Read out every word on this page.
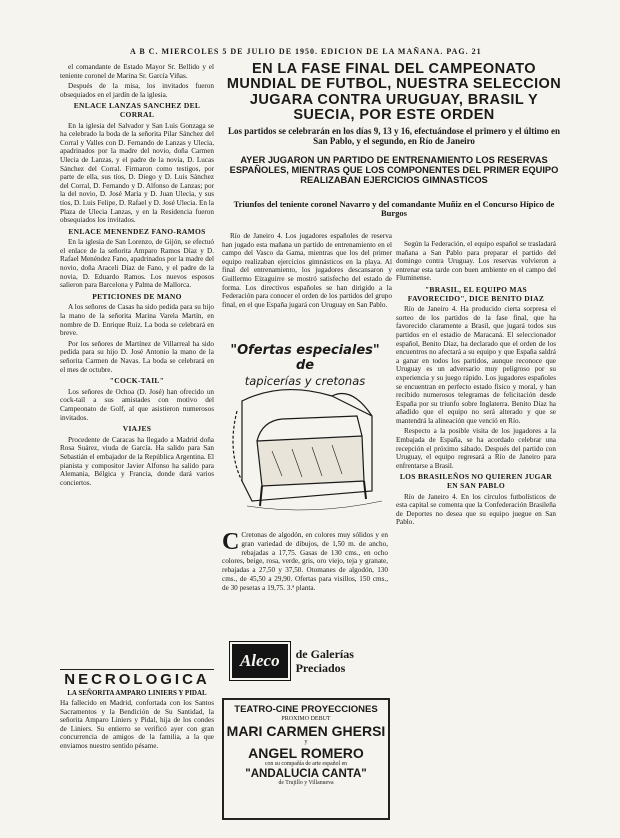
A B C. MIERCOLES 5 DE JULIO DE 1950. EDICION DE LA MAÑANA. PAG. 21

el comandante de Estado Mayor Sr. Bellido y el teniente coronel de Marina Sr. García Viñas.

Después de la misa, los invitados fueron obsequiados en el jardín de la iglesia.

ENLACE LANZAS SANCHEZ DEL CORRAL

En la iglesia del Salvador y San Luis Gonzaga se ha celebrado la boda de la señorita Pilar Sánchez del Corral y Valles con D. Fernando de Lanzas y Ulecia, apadrinados por la madre del novio, doña Carmen Ulecia de Lanzas, y el padre de la novia, D. Lucas Sánchez del Corral. Firmaron como testigos, por parte de ella, sus tíos, D. Diego y D. Luis Sánchez del Corral, D. Fernando y D. Alfonso de Lanzas; por la del novio, D. José María y D. Juan Ulecia, y sus tíos, D. Luis Felipe, D. Rafael y D. José Ulecia. En la Plaza de Ulecia Lanzas, y en la Residencia fueron obsequiados los invitados.

ENLACE MENENDEZ FANO-RAMOS

En la iglesia de San Lorenzo, de Gijón, se efectuó el enlace de la señorita Amparo Ramos Díaz y D. Rafael Menéndez Fano, apadrinados por la madre del novio, doña Araceli Díaz de Fano, y el padre de la novia, D. Eduardo Ramos. Los nuevos esposos salieron para Barcelona y Palma de Mallorca.

PETICIONES DE MANO

A los señores de Casas ha sido pedida para su hijo la mano de la señorita Marina Varela Martín, en nombre de D. Enrique Ruiz. La boda se celebrará en breve.

Por los señores de Martínez de Villarreal ha sido pedida para su hijo D. José Antonio la mano de la señorita Carmen de Navas. La boda se celebrará en el mes de octubre.

"COCK-TAIL"

Los señores de Ochoa (D. José) han ofrecido un cock-tail a sus amistades con motivo del Campeonato de Golf, al que asistieron numerosos invitados.

VIAJES

Procedente de Caracas ha llegado a Madrid doña Rosa Suárez, viuda de García. Ha salido para San Sebastián el embajador de la República Argentina. El pianista y compositor Javier Alfonso ha salido para Alemania, Bélgica y Francia, donde dará varios conciertos.

NECROLOGICA
LA SEÑORITA AMPARO LINIERS Y PIDAL
Ha fallecido en Madrid, confortada con los Santos Sacramentos y la Bendición de Su Santidad, la señorita Amparo Liniers y Pidal, hija de los condes de Liniers. Su entierro se verificó ayer con gran concurrencia de amigos de la familia, a la que enviamos nuestro sentido pésame.
EN LA FASE FINAL DEL CAMPEONATO MUNDIAL DE FUTBOL, NUESTRA SELECCION JUGARA CONTRA URUGUAY, BRASIL Y SUECIA, POR ESTE ORDEN
Los partidos se celebrarán en los días 9, 13 y 16, efectuándose el primero y el último en San Pablo, y el segundo, en Río de Janeiro
AYER JUGARON UN PARTIDO DE ENTRENAMIENTO LOS RESERVAS ESPAÑOLES, MIENTRAS QUE LOS COMPONENTES DEL PRIMER EQUIPO REALIZABAN EJERCICIOS GIMNASTICOS
Triunfos del teniente coronel Navarro y del comandante Muñiz en el Concurso Hípico de Burgos

Río de Janeiro 4. Los jugadores españoles de reserva han jugado esta mañana un partido de entrenamiento en el campo del Vasco da Gama, mientras que los del primer equipo realizaban ejercicios gimnásticos en la playa. Al final del entrenamiento, los jugadores descansaron y Guillermo Eizaguirre se mostró satisfecho del estado de forma. Los directivos españoles se han dirigido a la Federación para conocer el orden de los partidos del grupo final, en el que España jugará con Uruguay en San Pablo.

Según la Federación, el equipo español se trasladará mañana a San Pablo para preparar el partido del domingo contra Uruguay. Los reservas volvieron a entrenar esta tarde con buen ambiente en el campo del Fluminense.

"BRASIL, EL EQUIPO MAS FAVORECIDO", DICE BENITO DIAZ

Río de Janeiro 4. Ha producido cierta sorpresa el sorteo de los partidos de la fase final, que ha favorecido claramente a Brasil, que jugará todos sus partidos en el estadio de Maracaná. El seleccionador español, Benito Díaz, ha declarado que el orden de los encuentros no afectará a su equipo y que España saldrá a ganar en todos los partidos, aunque reconoce que Uruguay es un adversario muy peligroso por su experiencia y su juego rápido. Los jugadores españoles se encuentran en perfecto estado físico y moral, y han recibido numerosos telegramas de felicitación desde España por su triunfo sobre Inglaterra. Benito Díaz ha añadido que el equipo no será alterado y que se mantendrá la alineación que venció en Río.

Respecto a la posible visita de los jugadores a la Embajada de España, se ha acordado celebrar una recepción el próximo sábado. Después del partido con Uruguay, el equipo regresará a Río de Janeiro para enfrentarse a Brasil.

LOS BRASILEÑOS NO QUIEREN JUGAR EN SAN PABLO

Río de Janeiro 4. En los círculos futbolísticos de esta capital se comenta que la Confederación Brasileña de Deportes no desea que su equipo juegue en San Pablo.

"Ofertas especiales" de
tapicerías y cretonas
C Cretonas de algodón, en colores muy sólidos y en gran variedad de dibujos, de 1,50 m. de ancho, rebajadas a 17,75. Gasas de 130 cms., en ocho colores, beige, rosa, verde, gris, oro viejo, teja y granate, rebajadas a 27,50 y 37,50. Otomanes de algodón, 130 cms., de 45,50 a 29,90. Ofertas para visillos, 150 cms., de 30 pesetas a 19,75. 3.ª planta.
Aleco	de Galerías Preciados
TEATRO-CINE PROYECCIONES
PROXIMO DEBUT
MARI CARMEN GHERSI
y
ANGEL ROMERO
con su compañía de arte español en
"ANDALUCIA CANTA"
de Trujillo y Villanueva
